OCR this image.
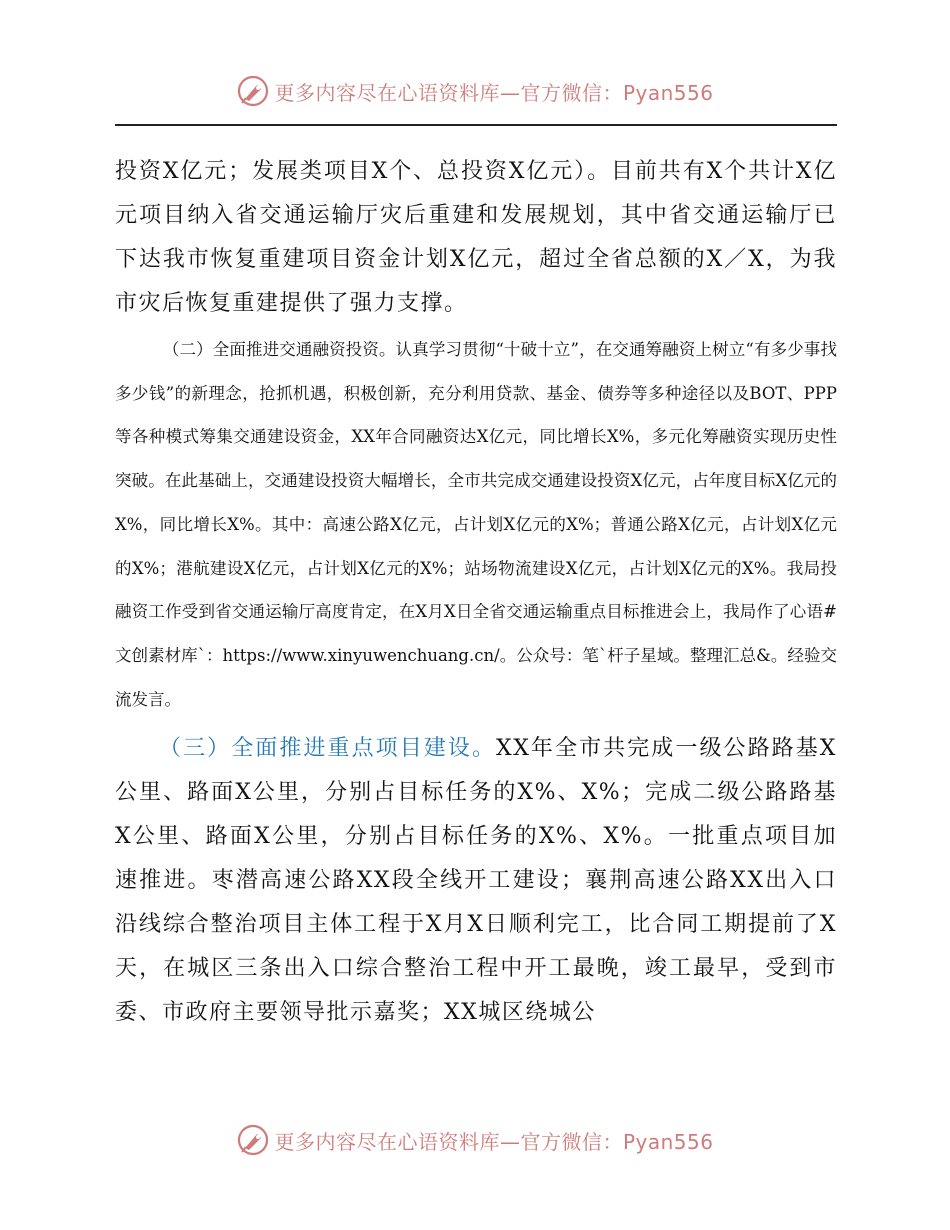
更多内容尽在心语资料库—官方微信：Pyan556

投资X亿元；发展类项目X个、总投资X亿元）。目前共有X个共计X亿元项目纳入省交通运输厅灾后重建和发展规划，其中省交通运输厅已下达我市恢复重建项目资金计划X亿元，超过全省总额的X／X，为我市灾后恢复重建提供了强力支撑。

（二）全面推进交通融资投资。认真学习贯彻“十破十立”，在交通筹融资上树立“有多少事找多少钱”的新理念，抢抓机遇，积极创新，充分利用贷款、基金、债券等多种途径以及BOT、PPP等各种模式筹集交通建设资金，XX年合同融资达X亿元，同比增长X%，多元化筹融资实现历史性突破。在此基础上，交通建设投资大幅增长，全市共完成交通建设投资X亿元，占年度目标X亿元的X%，同比增长X%。其中：高速公路X亿元，占计划X亿元的X%；普通公路X亿元，占计划X亿元的X%；港航建设X亿元，占计划X亿元的X%；站场物流建设X亿元，占计划X亿元的X%。我局投融资工作受到省交通运输厅高度肯定，在X月X日全省交通运输重点目标推进会上，我局作了心语#文创素材库`：https://www.xinyuwenchuang.cn/。公众号：笔`杆子星域。整理汇总&。经验交流发言。

（三）全面推进重点项目建设。XX年全市共完成一级公路路基X公里、路面X公里，分别占目标任务的X%、X%；完成二级公路路基X公里、路面X公里，分别占目标任务的X%、X%。一批重点项目加速推进。枣潜高速公路XX段全线开工建设；襄荆高速公路XX出入口沿线综合整治项目主体工程于X月X日顺利完工，比合同工期提前了X天，在城区三条出入口综合整治工程中开工最晚，竣工最早，受到市委、市政府主要领导批示嘉奖；XX城区绕城公

更多内容尽在心语资料库—官方微信：Pyan556
